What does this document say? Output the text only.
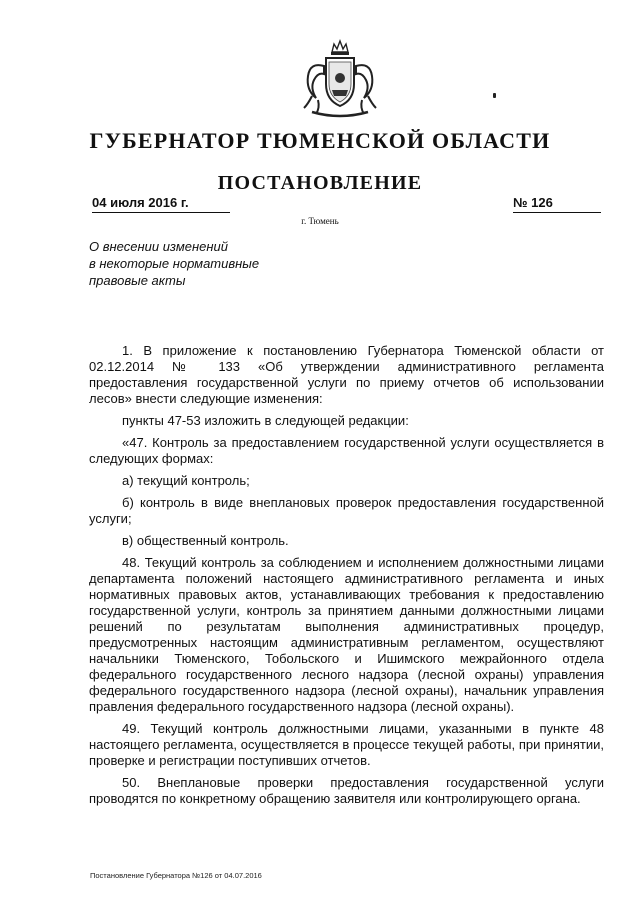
ГУБЕРНАТОР ТЮМЕНСКОЙ ОБЛАСТИ
ПОСТАНОВЛЕНИЕ
04 июля 2016 г.	№ 126
г. Тюмень
О внесении изменений
в некоторые нормативные
правовые акты

1. В приложение к постановлению Губернатора Тюменской области от 02.12.2014 № 133 «Об утверждении административного регламента предоставления государственной услуги по приему отчетов об использовании лесов» внести следующие изменения:

пункты 47-53 изложить в следующей редакции:

«47. Контроль за предоставлением государственной услуги осуществляется в следующих формах:

а) текущий контроль;

б) контроль в виде внеплановых проверок предоставления государственной услуги;

в) общественный контроль.

48. Текущий контроль за соблюдением и исполнением должностными лицами департамента положений настоящего административного регламента и иных нормативных правовых актов, устанавливающих требования к предоставлению государственной услуги, контроль за принятием данными должностными лицами решений по результатам выполнения административных процедур, предусмотренных настоящим административным регламентом, осуществляют начальники Тюменского, Тобольского и Ишимского межрайонного отдела федерального государственного лесного надзора (лесной охраны) управления федерального государственного надзора (лесной охраны), начальник управления правления федерального государственного надзора (лесной охраны).

49. Текущий контроль должностными лицами, указанными в пункте 48 настоящего регламента, осуществляется в процессе текущей работы, при принятии, проверке и регистрации поступивших отчетов.

50. Внеплановые проверки предоставления государственной услуги проводятся по конкретному обращению заявителя или контролирующего органа.

Постановление Губернатора №126 от 04.07.2016
